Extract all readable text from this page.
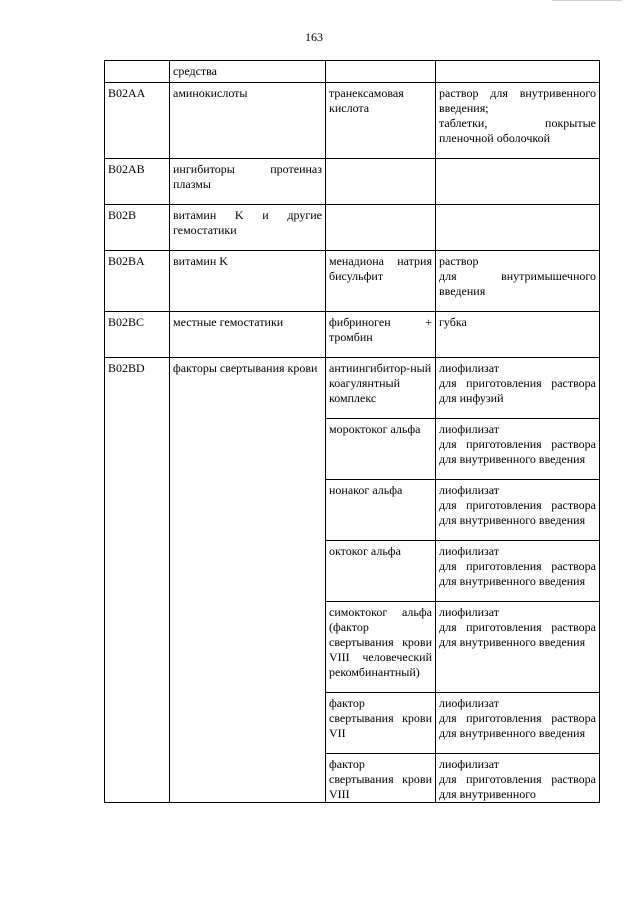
163
	средства		
B02AA	аминокислоты	транексамовая кислота	раствор для внутривенного введения;
таблетки, покрытые пленочной оболочкой
B02AB	ингибиторы протеиназ плазмы		
B02B	витамин K и другие гемостатики		
B02BA	витамин K	менадиона натрия бисульфит	раствор
для внутримышечного введения
B02BC	местные гемостатики	фибриноген + тромбин	губка
B02BD	факторы свертывания крови	антиингибитор-ный коагулянтный комплекс	лиофилизат
для приготовления раствора для инфузий
		мороктоког альфа	лиофилизат
для приготовления раствора для внутривенного введения
		нонаког альфа	лиофилизат
для приготовления раствора для внутривенного введения
		октоког альфа	лиофилизат
для приготовления раствора для внутривенного введения
		симоктоког альфа (фактор свертывания крови VIII человеческий рекомбинантный)	лиофилизат
для приготовления раствора для внутривенного введения
		фактор свертывания крови VII	лиофилизат
для приготовления раствора для внутривенного введения
		фактор свертывания крови VIII	лиофилизат
для приготовления раствора для внутривенного
